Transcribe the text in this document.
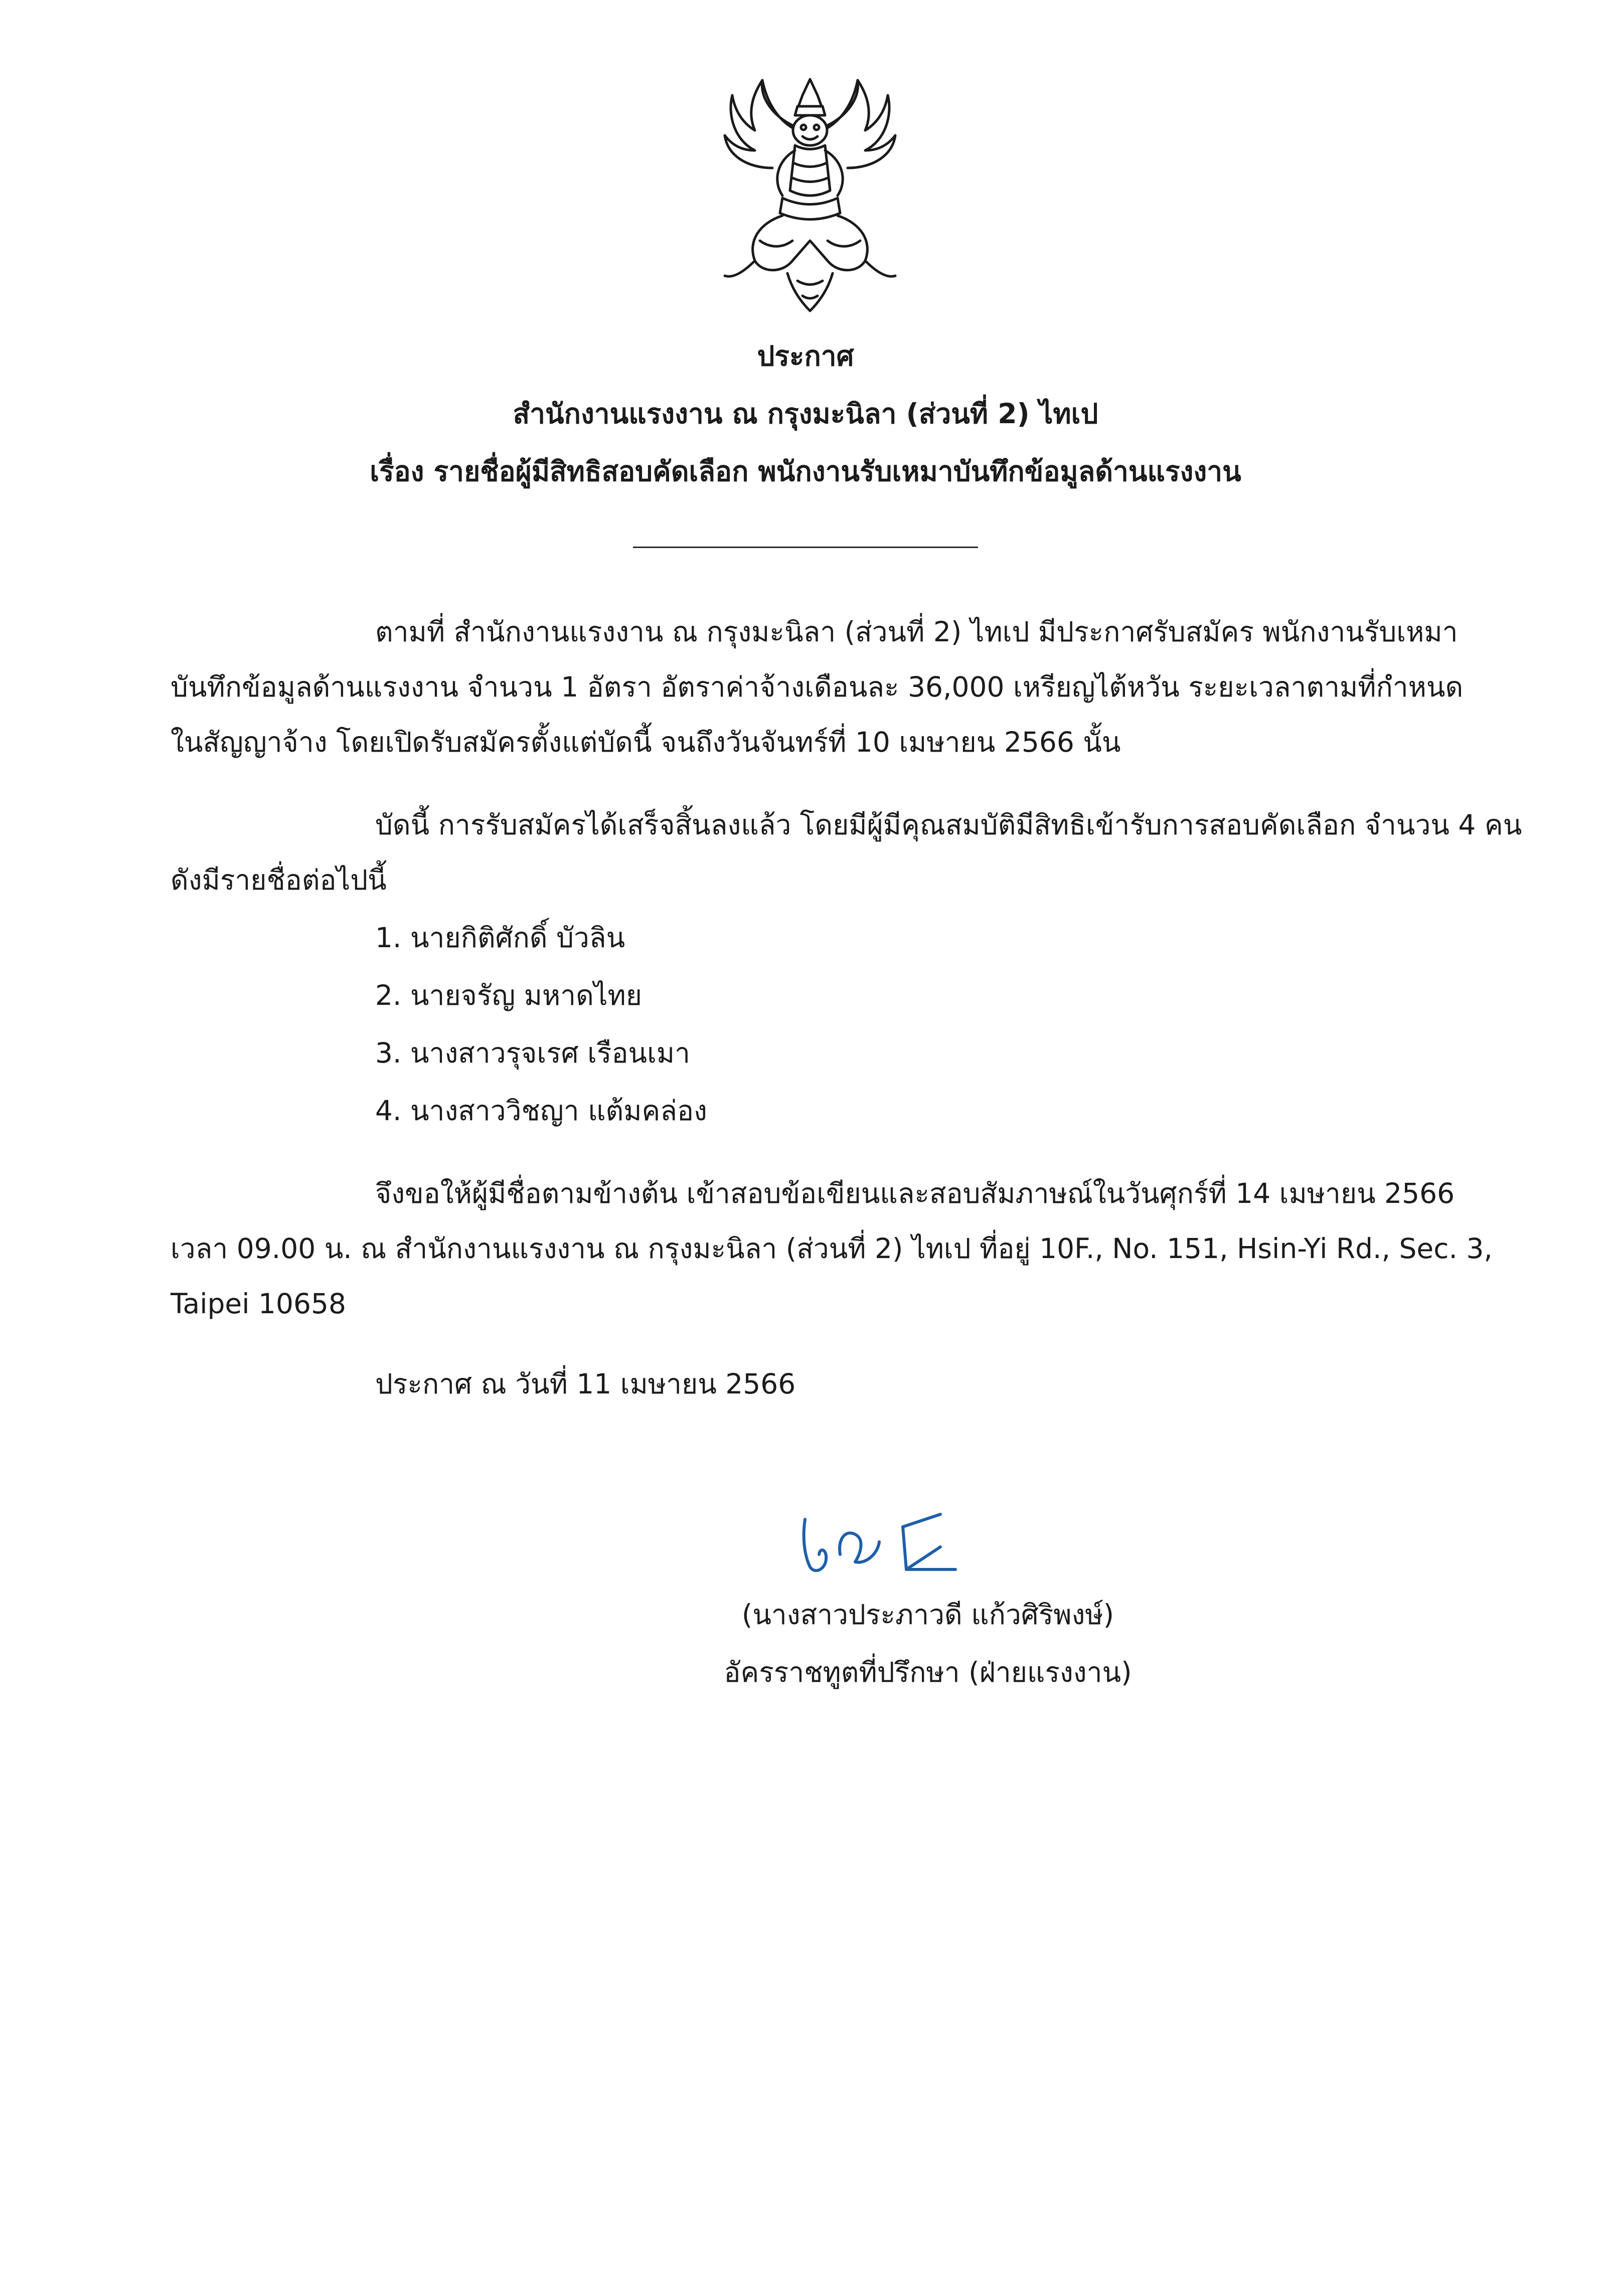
ประกาศ
สำนักงานแรงงาน ณ กรุงมะนิลา (ส่วนที่ 2) ไทเป
เรื่อง รายชื่อผู้มีสิทธิสอบคัดเลือก พนักงานรับเหมาบันทึกข้อมูลด้านแรงงาน
ตามที่ สำนักงานแรงงาน ณ กรุงมะนิลา (ส่วนที่ 2) ไทเป มีประกาศรับสมัคร พนักงานรับเหมา
บันทึกข้อมูลด้านแรงงาน จำนวน 1 อัตรา อัตราค่าจ้างเดือนละ 36,000 เหรียญไต้หวัน ระยะเวลาตามที่กำหนด
ในสัญญาจ้าง โดยเปิดรับสมัครตั้งแต่บัดนี้ จนถึงวันจันทร์ที่ 10 เมษายน 2566 นั้น
บัดนี้ การรับสมัครได้เสร็จสิ้นลงแล้ว โดยมีผู้มีคุณสมบัติมีสิทธิเข้ารับการสอบคัดเลือก จำนวน 4 คน
ดังมีรายชื่อต่อไปนี้
1. นายกิติศักดิ์ บัวลิน
2. นายจรัญ มหาดไทย
3. นางสาวรุจเรศ เรือนเมา
4. นางสาววิชญา แต้มคล่อง
จึงขอให้ผู้มีชื่อตามข้างต้น เข้าสอบข้อเขียนและสอบสัมภาษณ์ในวันศุกร์ที่ 14 เมษายน 2566
เวลา 09.00 น. ณ สำนักงานแรงงาน ณ กรุงมะนิลา (ส่วนที่ 2) ไทเป ที่อยู่ 10F., No. 151, Hsin-Yi Rd., Sec. 3,
Taipei 10658
ประกาศ ณ วันที่ 11 เมษายน 2566
(นางสาวประภาวดี แก้วศิริพงษ์)
อัครราชทูตที่ปรึกษา (ฝ่ายแรงงาน)
